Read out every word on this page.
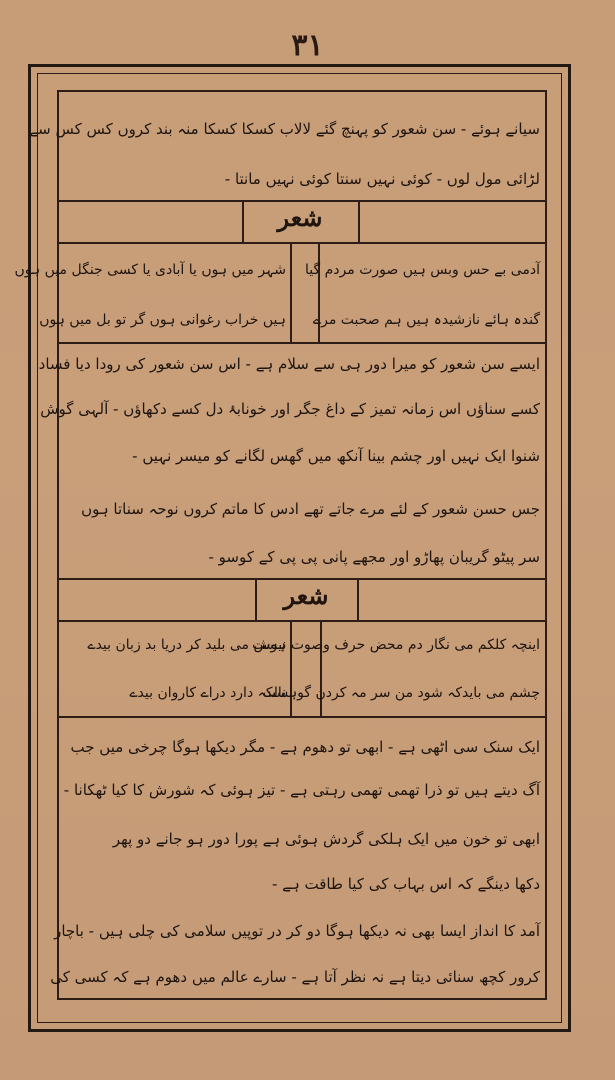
۳۱
سیانے ہوئے - سن شعور کو پہنچ گئے لالاب کسکا کسکا منہ بند کروں کس کس سے
لڑائی مول لوں - کوئی نہیں سنتا کوئی نہیں مانتا -
شعر
آدمی بے حس وبس ہیں صورت مردم گیا
گندہ ہائے نازشیدہ ہیں ہم صحبت مرے
شہر میں ہوں یا آبادی یا کسی جنگل میں ہوں
ہیں خراب رغوانی ہوں گر تو بل میں ہوں
ایسے سن شعور کو میرا دور ہی سے سلام ہے - اس سن شعور کی رودا دیا فساد
کسے سناؤں اس زمانہ تمیز کے داغ جگر اور خونابۂ دل کسے دکھاؤں - آلہی گوش
شنوا ایک نہیں اور چشم بینا آنکھ میں گھس لگانے کو میسر نہیں -
جس حسن شعور کے لئے مرے جاتے تھے ادس کا ماتم کروں نوحہ سناتا ہوں
سر پیٹو گریبان پھاڑو اور مجھے پانی پی پی کے کوسو -
شعر
اینچہ کلکم می نگار دم محض حرف وصوت نیست
چشم می بایدکہ شود من سر مہ کردن گوہست
ہوش می بلید کر دریا بد زبان بیدے
نالکہ دارد دراے کاروان بیدے
ایک سنک سی اٹھی ہے - ابھی تو دھوم ہے - مگر دیکھا ہوگا چرخی میں جب
آگ دیتے ہیں تو ذرا تھمی تھمی رہتی ہے - تیز ہوئی کہ شورش کا کیا ٹھکانا -
ابھی تو خون میں ایک ہلکی گردش ہوئی ہے پورا دور ہو جانے دو پھر
دکھا دینگے کہ اس بہاب کی کیا طاقت ہے -
آمد کا انداز ایسا بھی نہ دیکھا ہوگا دو کر در توپیں سلامی کی چلی ہیں - باچار
کرور کچھ سنائی دیتا ہے نہ نظر آتا ہے - سارے عالم میں دھوم ہے کہ کسی کی
